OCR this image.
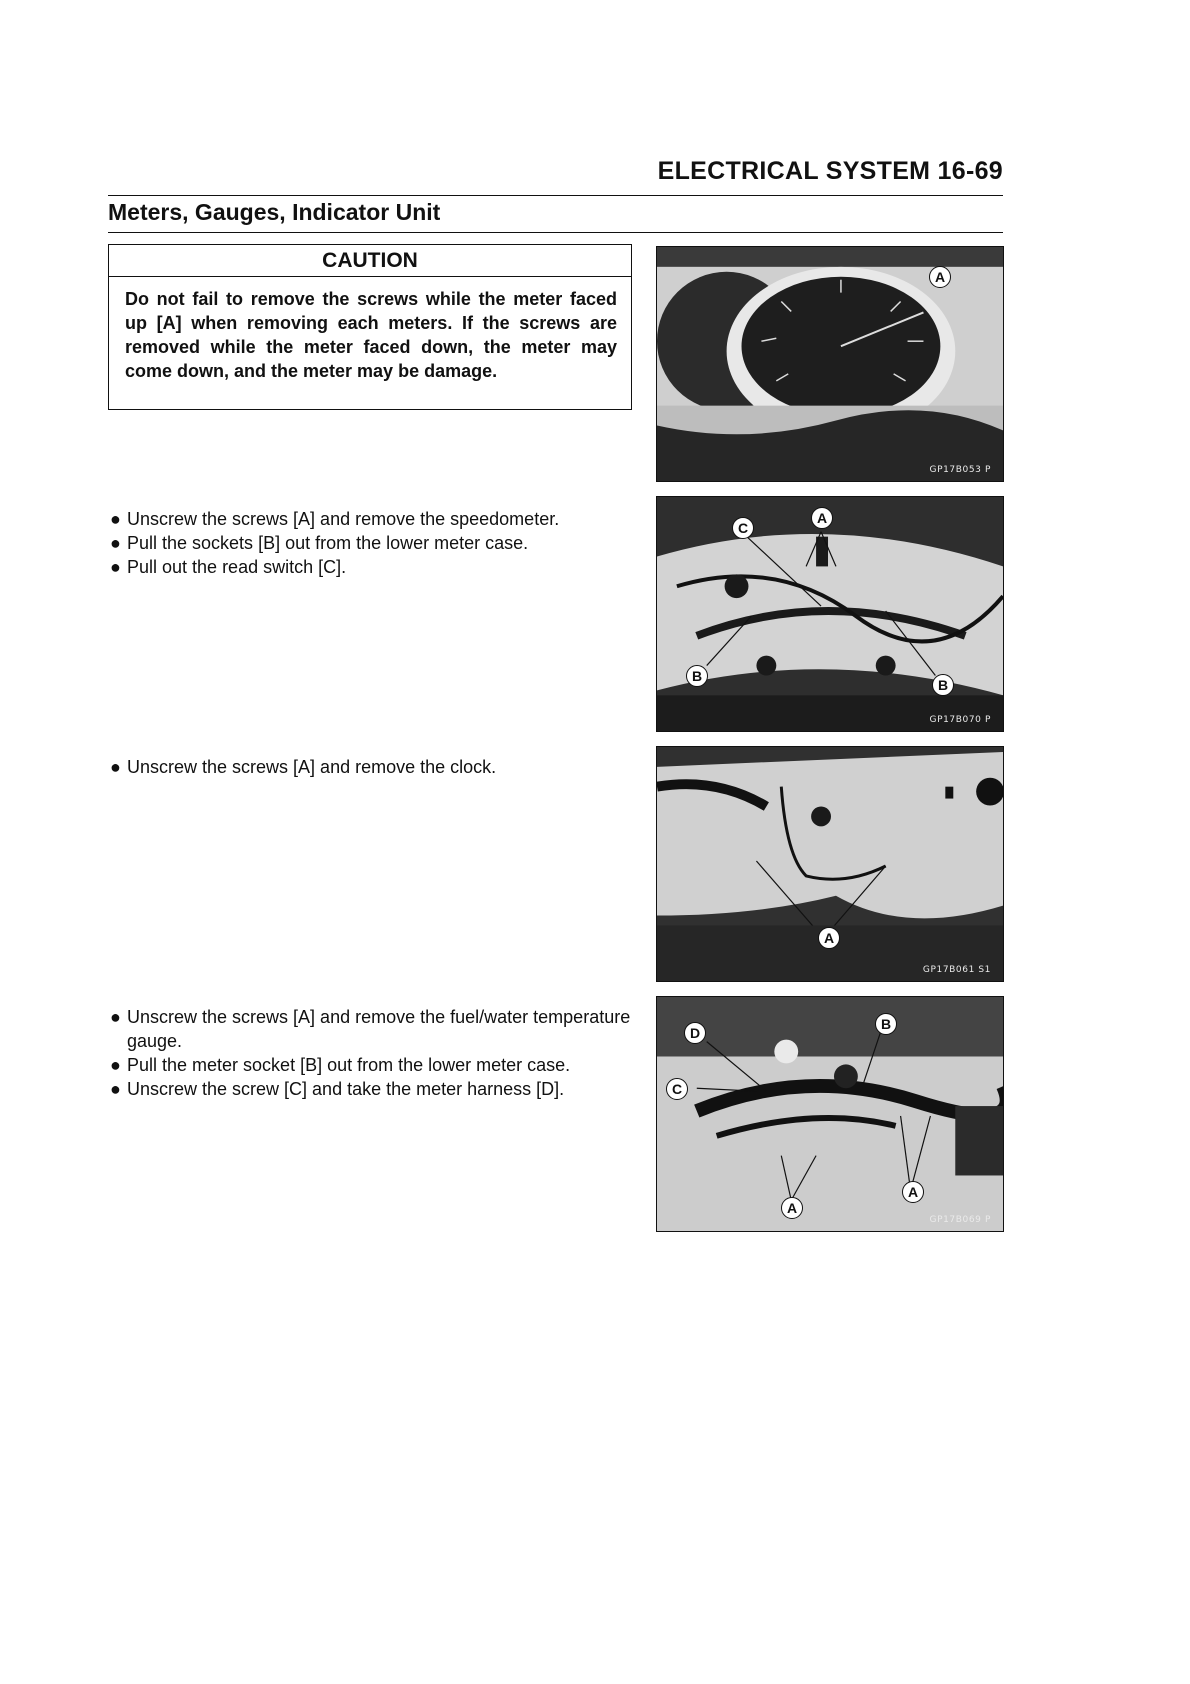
ELECTRICAL SYSTEM 16-69
Meters, Gauges, Indicator Unit
CAUTION

Do not fail to remove the screws while the meter faced up [A] when removing each meters. If the screws are removed while the meter faced down, the meter may come down, and the meter may be damage.

● Unscrew the screws [A] and remove the speedometer.
● Pull the sockets [B] out from the lower meter case.
● Pull out the read switch [C].
● Unscrew the screws [A] and remove the clock.
● Unscrew the screws [A] and remove the fuel/water temperature gauge.
● Pull the meter socket [B] out from the lower meter case.
● Unscrew the screw [C] and take the meter harness [D].
A
GP17B053 P
C
A
B
B
GP17B070 P
A
GP17B061 S1
D
B
C
A
A
GP17B069 P
